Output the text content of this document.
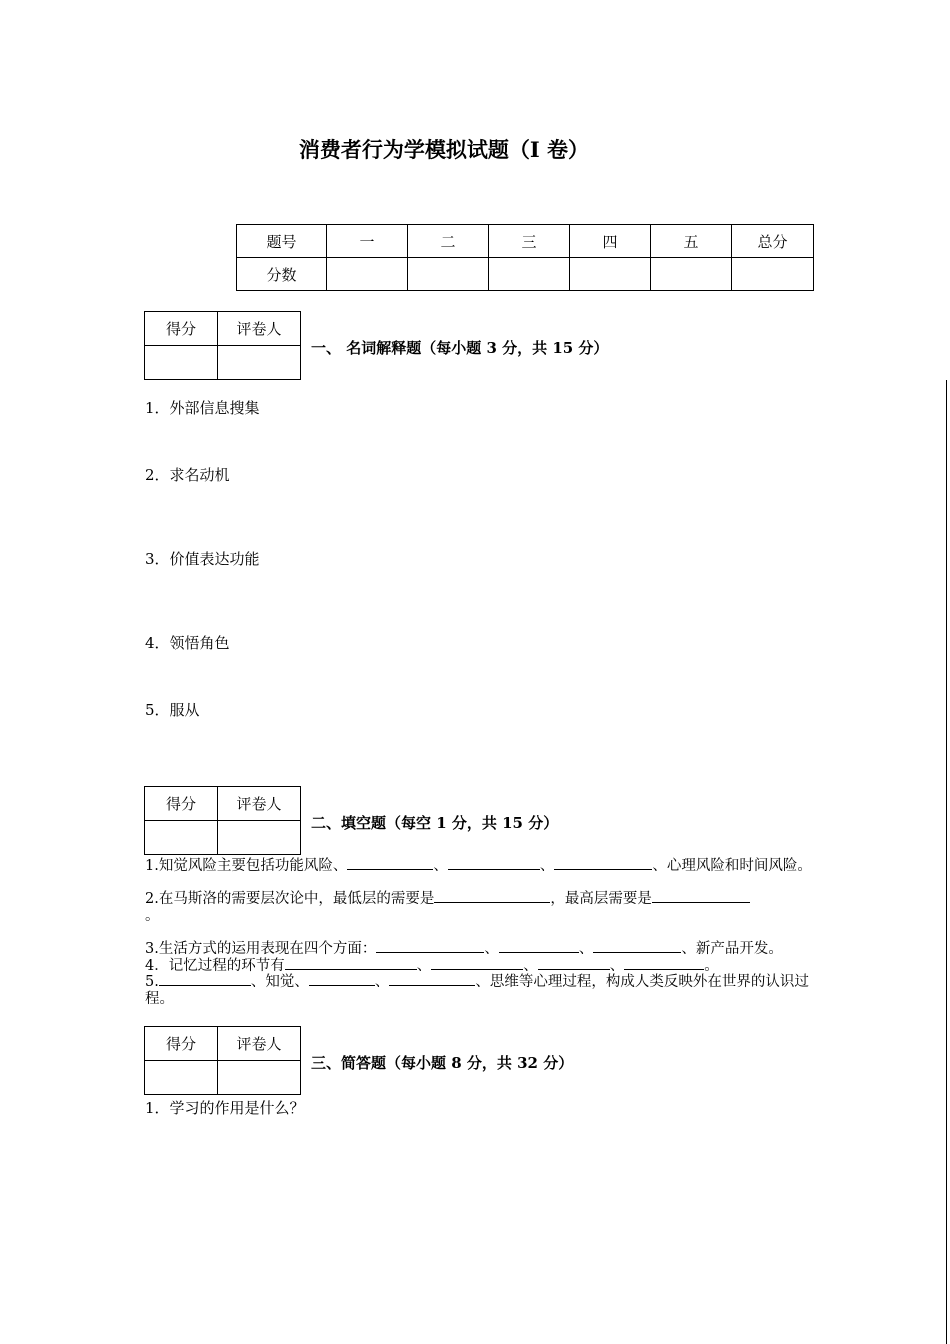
消费者行为学模拟试题（I 卷）
题号	一	二	三	四	五	总分
分数						
得分	评卷人

一、 名词解释题（每小题 3 分，共 15 分）
1．外部信息搜集
2．求名动机
3．价值表达功能
4．领悟角色
5．服从
得分	评卷人

二、填空题（每空 1 分，共 15 分）
1.知觉风险主要包括功能风险、	、	、	、心理风险和时间风险。
2.在马斯洛的需要层次论中，最低层的需要是	，最高层需要是
。
3.生活方式的运用表现在四个方面：	、	、	、新产品开发。
4．记忆过程的环节有	、	、	、	。
5.	、知觉、	、	、思维等心理过程，构成人类反映外在世界的认识过程。
得分	评卷人

三、简答题（每小题 8 分，共 32 分）
1．学习的作用是什么？
